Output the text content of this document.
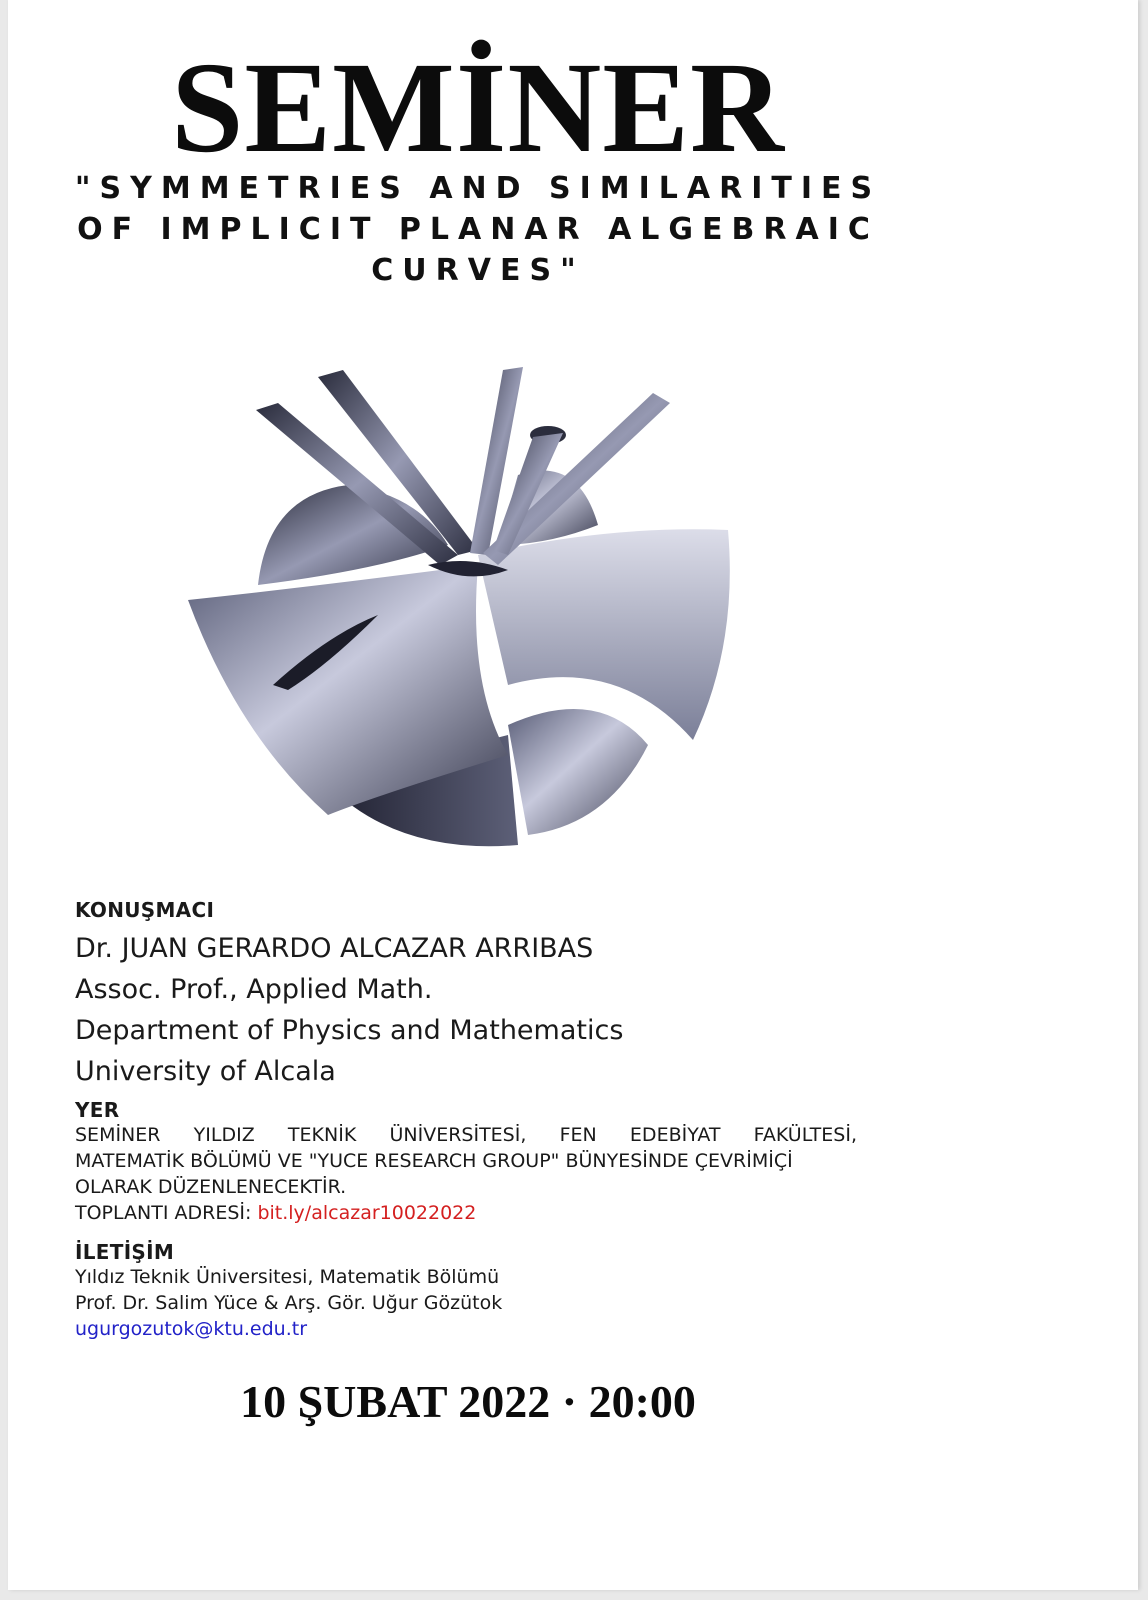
SEMİNER
"SYMMETRIES AND SIMILARITIES
OF IMPLICIT PLANAR ALGEBRAIC
CURVES"
KONUŞMACI
Dr. JUAN GERARDO ALCAZAR ARRIBAS
Assoc. Prof., Applied Math.
Department of Physics and Mathematics
University of Alcala
YER
SEMİNER YILDIZ TEKNİK ÜNİVERSİTESİ, FEN EDEBİYAT FAKÜLTESİ,
MATEMATİK BÖLÜMÜ VE "YUCE RESEARCH GROUP" BÜNYESİNDE ÇEVRİMİÇİ
OLARAK DÜZENLENECEKTİR.
TOPLANTI ADRESİ: bit.ly/alcazar10022022
İLETİŞİM
Yıldız Teknik Üniversitesi, Matematik Bölümü
Prof. Dr. Salim Yüce & Arş. Gör. Uğur Gözütok
ugurgozutok@ktu.edu.tr
10 ŞUBAT 2022 · 20:00
